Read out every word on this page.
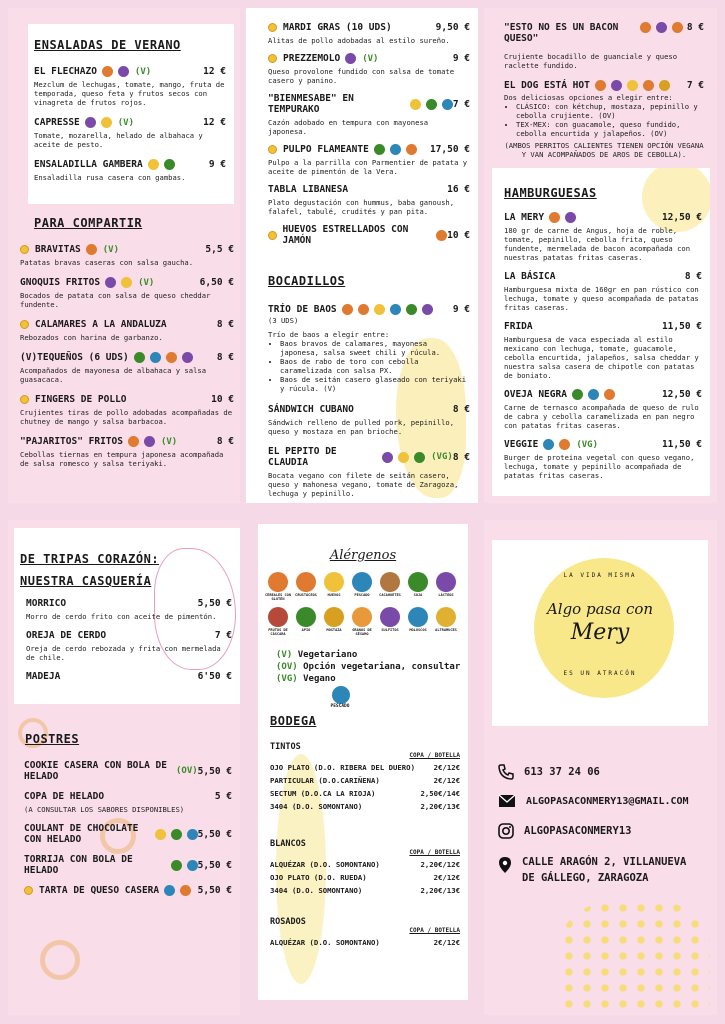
ENSALADAS DE VERANO
EL FLECHAZO	(V)	12 €
Mezclum de lechugas, tomate, mango, fruta de temporada, queso feta y frutos secos con vinagreta de frutos rojos.
CAPRESSE	(V)	12 €
Tomate, mozarella, helado de albahaca y aceite de pesto.
ENSALADILLA GAMBERA	9 €
Ensaladilla rusa casera con gambas.
PARA COMPARTIR
BRAVITAS (V)	5,5 €
Patatas bravas caseras con salsa gaucha.
GNOQUIS FRITOS	(V)	6,50 €
Bocados de patata con salsa de queso cheddar fundente.
CALAMARES A LA ANDALUZA	8 €
Rebozados con harina de garbanzo.
(V)TEQUEÑOS (6 UDS)	8 €
Acompañados de mayonesa de albahaca y salsa guasacaca.
FINGERS DE POLLO	10 €
Crujientes tiras de pollo adobadas acompañadas de chutney de mango y salsa barbacoa.
"PAJARITOS" FRITOS	(V)	8 €
Cebollas tiernas en tempura japonesa acompañada de salsa romesco y salsa teriyaki.
MARDI GRAS (10 UDS)	9,50 €
Alitas de pollo adobadas al estilo sureño.
PREZZEMOLO (V)	9 €
Queso provolone fundido con salsa de tomate casero y panino.
"BIENMESABE" EN TEMPURAKO	7 €
Cazón adobado en tempura con mayonesa japonesa.
PULPO FLAMEANTE	17,50 €
Pulpo a la parrilla con Parmentier de patata y aceite de pimentón de la Vera.
TABLA LIBANESA	16 €
Plato degustación con hummus, baba ganoush, falafel, tabulé, crudités y pan pita.
HUEVOS ESTRELLADOS CON JAMÓN	10 €
BOCADILLOS
TRÍO DE BAOS	9 €
(3 UDS)
Trío de baos a elegir entre:
• Baos bravos de calamares, mayonesa japonesa, salsa sweet chili y rúcula.
• Baos de rabo de toro con cebolla caramelizada con salsa PX.
• Baos de seitán casero glaseado con teriyaki y rúcula. (V)
SÁNDWICH CUBANO	8 €
Sándwich relleno de pulled pork, pepinillo, queso y mostaza en pan brioche.
EL PEPITO DE CLAUDIA	(VG) 8 €
Bocata vegano con filete de seitán casero, queso y mahonesa vegano, tomate de Zaragoza, lechuga y pepinillo.
"ESTO NO ES UN BACON QUESO"
8 €
Crujiente bocadillo de guanciale y queso raclette fundido.
EL DOG ESTÁ HOT	7 €
Dos deliciosas opciones a elegir entre:
• CLÁSICO: con kétchup, mostaza, pepinillo y cebolla crujiente. (OV)
• TEX-MEX: con guacamole, queso fundido, cebolla encurtida y jalapeños. (OV)
(AMBOS PERRITOS CALIENTES TIENEN OPCIÓN VEGANA Y VAN ACOMPAÑADOS DE AROS DE CEBOLLA).
HAMBURGUESAS
LA MERY	12,50 €
180 gr de carne de Angus, hoja de roble, tomate, pepinillo, cebolla frita, queso fundente, mermelada de bacon acompañada con nuestras patatas fritas caseras.
LA BÁSICA	8 €
Hamburguesa mixta de 160gr en pan rústico con lechuga, tomate y queso acompañada de patatas fritas caseras.
FRIDA	11,50 €
Hamburguesa de vaca especiada al estilo mexicano con lechuga, tomate, guacamole, cebolla encurtida, jalapeños, salsa cheddar y nuestra salsa casera de chipotle con patatas de boniato.
OVEJA NEGRA	12,50 €
Carne de ternasco acompañada de queso de rulo de cabra y cebolla caramelizada en pan negro con patatas fritas caseras.
VEGGIE	(VG)	11,50 €
Burger de proteina vegetal con queso vegano, lechuga, tomate y pepinillo acompañada de patatas fritas caseras.
DE TRIPAS CORAZÓN:
NUESTRA CASQUERÍA
MORRICO	5,50 €
Morro de cerdo frito con aceite de pimentón.
OREJA DE CERDO	7 €
Oreja de cerdo rebozada y frita con mermelada de chile.
MADEJA	6'50 €
POSTRES
COOKIE CASERA CON BOLA DE HELADO	(OV) 5,50 €
COPA DE HELADO	5 €
(A CONSULTAR LOS SABORES DISPONIBLES)
COULANT DE CHOCOLATE CON HELADO	5,50 €
TORRIJA CON BOLA DE HELADO	5,50 €
TARTA DE QUESO CASERA	5,50 €
Alérgenos
CEREALES CON GLUTEN
CRUSTÁCEOS	HUEVOS	PESCADO	CACAHUETES	SOJA	LÁCTEOS
FRUTOS DE CÁSCARA
APIO	MOSTAZA	GRANOS DE SÉSAMO
SULFITOS	MOLUSCOS	ALTRAMUCES
(V) Vegetariano
(OV) Opción vegetariana, consultar
(VG) Vegano
PESCADO
BODEGA
TINTOS
COPA / BOTELLA
OJO PLATO (D.O. RIBERA DEL DUERO)	2€/12€
PARTICULAR (D.O.CARIÑENA)	2€/12€
SECTUM (D.O.CA LA RIOJA)	2,50€/14€
3404 (D.O. SOMONTANO)	2,20€/13€
BLANCOS
COPA / BOTELLA
ALQUÉZAR (D.O. SOMONTANO)	2,20€/12€
OJO PLATO (D.O. RUEDA)	2€/12€
3404 (D.O. SOMONTANO)	2,20€/13€
ROSADOS
COPA / BOTELLA
ALQUÉZAR (D.O. SOMONTANO)	2€/12€
LA VIDA MISMA
Algo pasa con
Mery
ES UN ATRACÓN
613 37 24 06
ALGOPASACONMERY13@GMAIL.COM
ALGOPASACONMERY13
CALLE ARAGÓN 2, VILLANUEVA
DE GÁLLEGO, ZARAGOZA
